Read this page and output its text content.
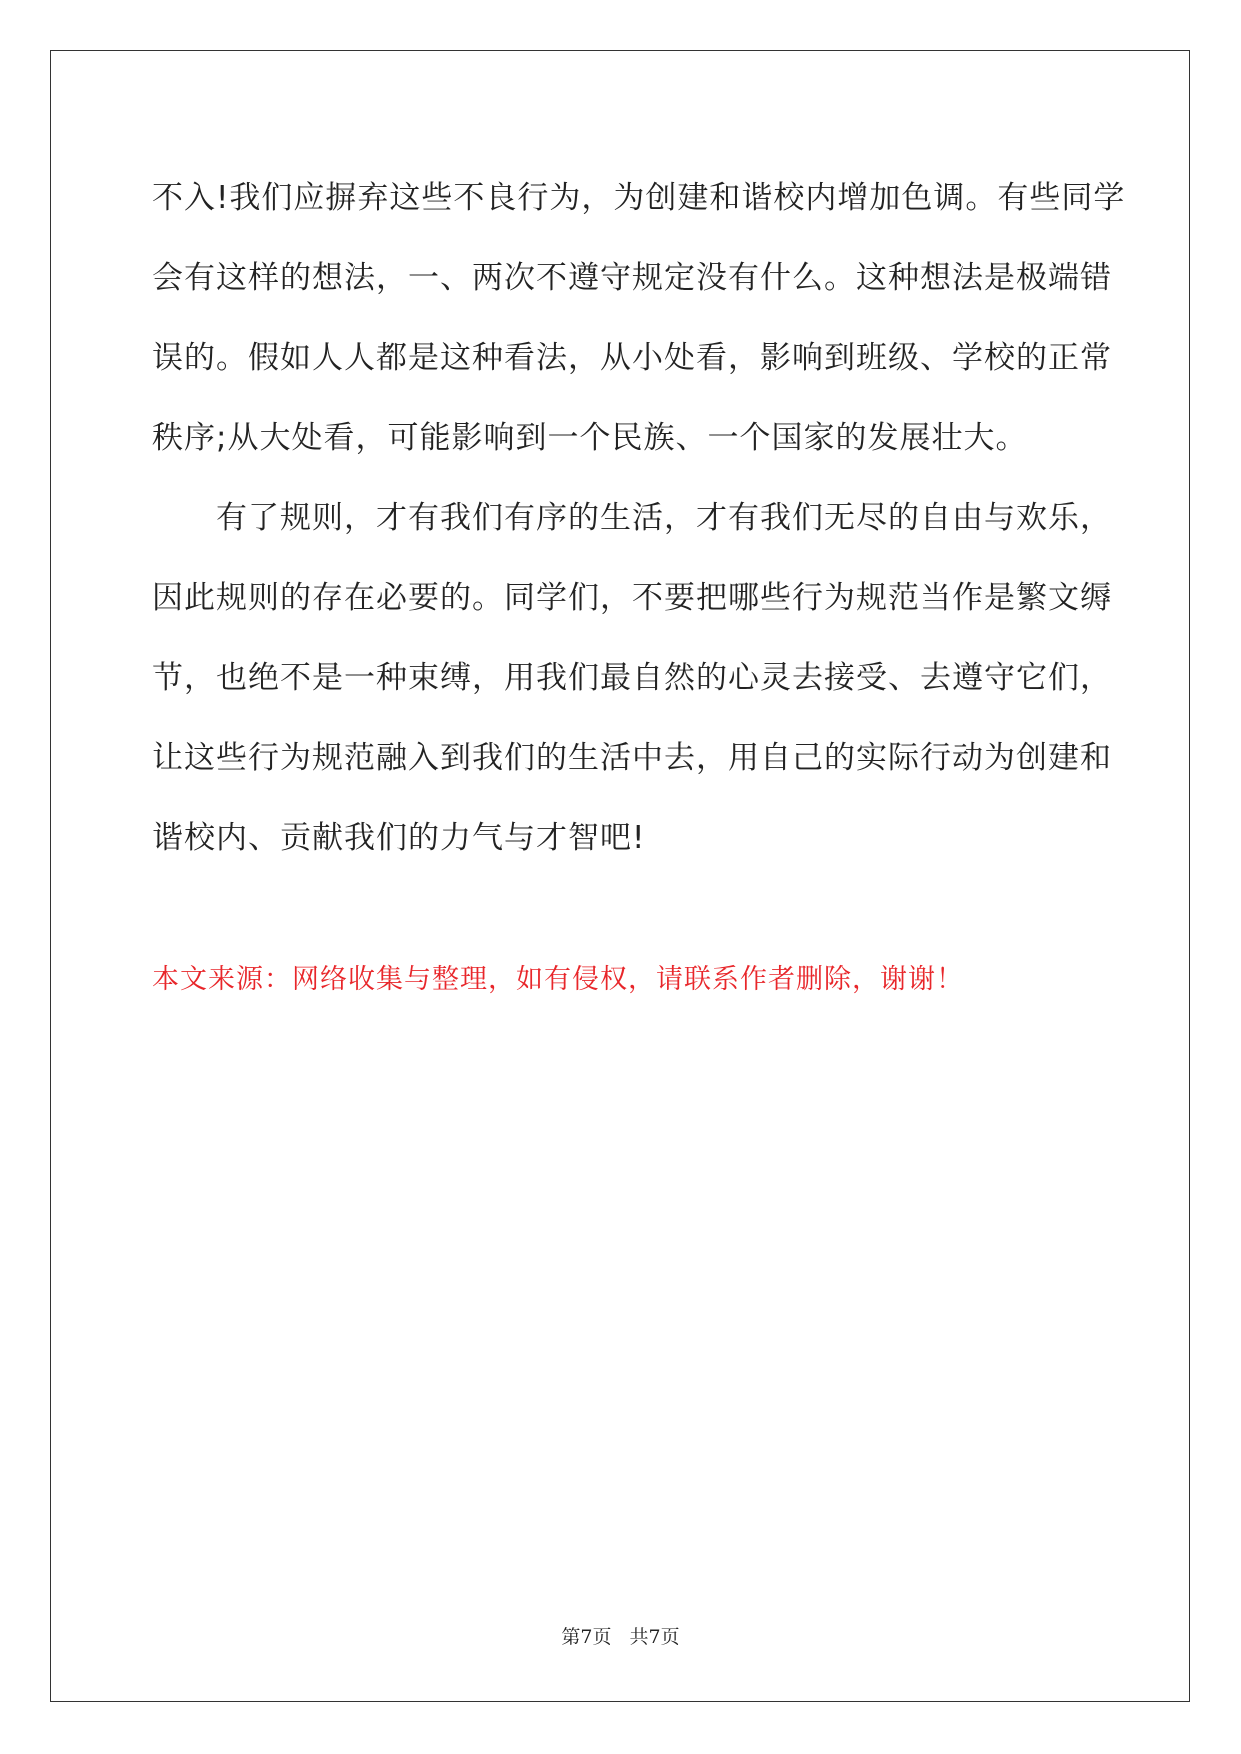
不入!我们应摒弃这些不良行为，为创建和谐校内增加色调。有些同学
会有这样的想法，一、两次不遵守规定没有什么。这种想法是极端错
误的。假如人人都是这种看法，从小处看，影响到班级、学校的正常
秩序;从大处看，可能影响到一个民族、一个国家的发展壮大。
有了规则，才有我们有序的生活，才有我们无尽的自由与欢乐，
因此规则的存在必要的。同学们，不要把哪些行为规范当作是繁文缛
节，也绝不是一种束缚，用我们最自然的心灵去接受、去遵守它们，
让这些行为规范融入到我们的生活中去，用自己的实际行动为创建和
谐校内、贡献我们的力气与才智吧!
本文来源：网络收集与整理，如有侵权，请联系作者删除，谢谢！
第7页 共7页
